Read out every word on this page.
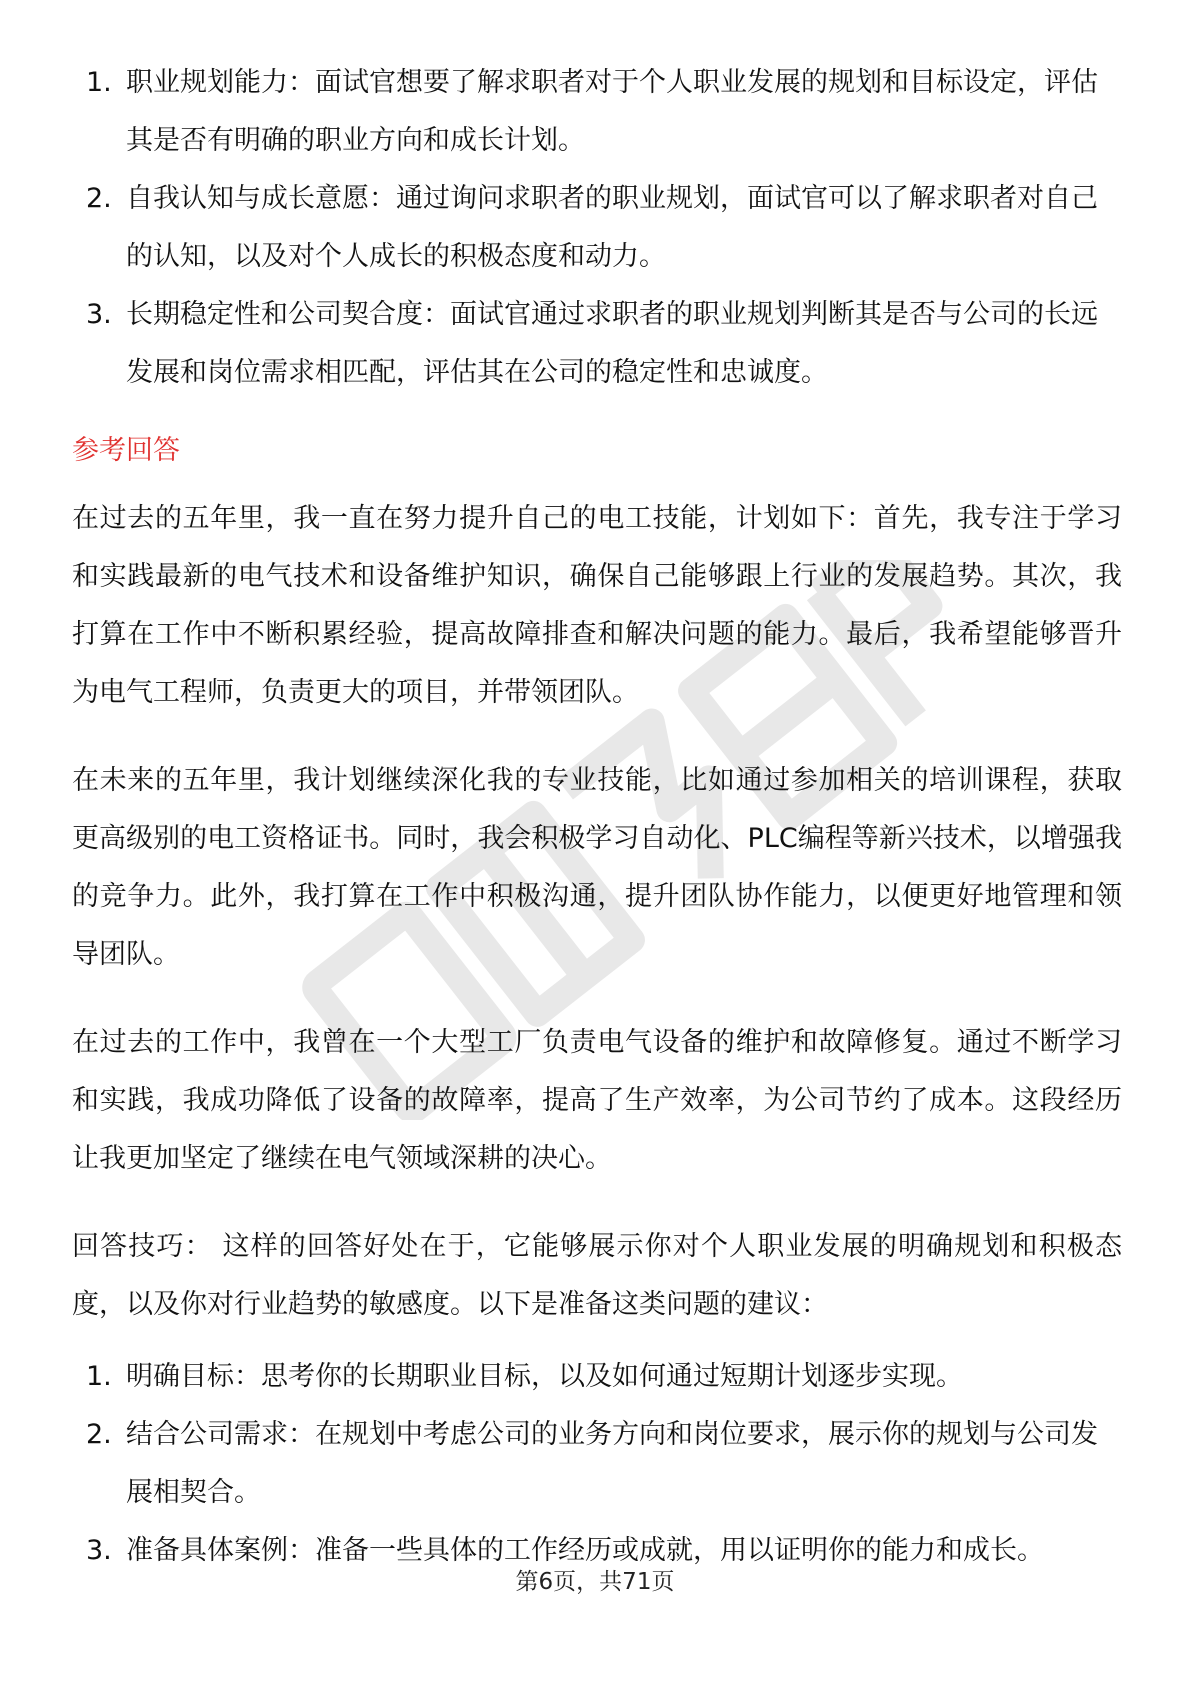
1. 职业规划能力：面试官想要了解求职者对于个人职业发展的规划和目标设定，评估其是否有明确的职业方向和成长计划。
2. 自我认知与成长意愿：通过询问求职者的职业规划，面试官可以了解求职者对自己的认知，以及对个人成长的积极态度和动力。
3. 长期稳定性和公司契合度：面试官通过求职者的职业规划判断其是否与公司的长远发展和岗位需求相匹配，评估其在公司的稳定性和忠诚度。
参考回答

在过去的五年里，我一直在努力提升自己的电工技能，计划如下：首先，我专注于学习和实践最新的电气技术和设备维护知识，确保自己能够跟上行业的发展趋势。其次，我打算在工作中不断积累经验，提高故障排查和解决问题的能力。最后，我希望能够晋升为电气工程师，负责更大的项目，并带领团队。

在未来的五年里，我计划继续深化我的专业技能，比如通过参加相关的培训课程，获取更高级别的电工资格证书。同时，我会积极学习自动化、PLC编程等新兴技术，以增强我的竞争力。此外，我打算在工作中积极沟通，提升团队协作能力，以便更好地管理和领导团队。

在过去的工作中，我曾在一个大型工厂负责电气设备的维护和故障修复。通过不断学习和实践，我成功降低了设备的故障率，提高了生产效率，为公司节约了成本。这段经历让我更加坚定了继续在电气领域深耕的决心。

回答技巧： 这样的回答好处在于，它能够展示你对个人职业发展的明确规划和积极态度，以及你对行业趋势的敏感度。以下是准备这类问题的建议：

1. 明确目标：思考你的长期职业目标，以及如何通过短期计划逐步实现。
2. 结合公司需求：在规划中考虑公司的业务方向和岗位要求，展示你的规划与公司发展相契合。
3. 准备具体案例：准备一些具体的工作经历或成就，用以证明你的能力和成长。
第6页，共71页
